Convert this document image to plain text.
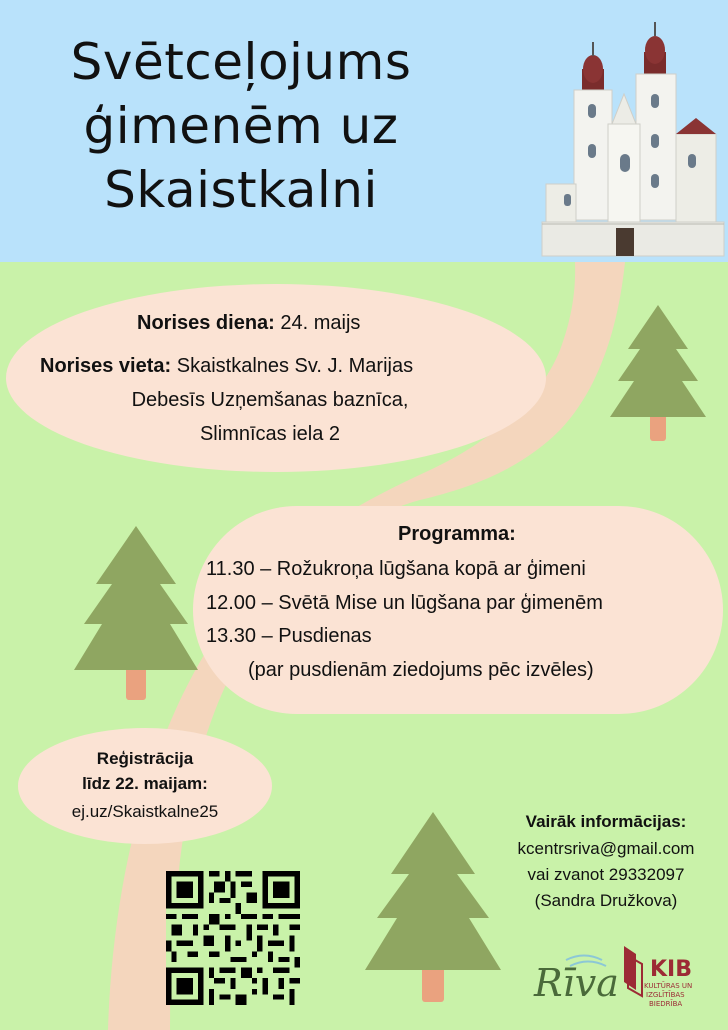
Svētceļojums
ģimenēm uz
Skaistkalni
Norises diena: 24. maijs
Norises vieta: Skaistkalnes Sv. J. Marijas
Debesīs Uzņemšanas baznīca,
Slimnīcas iela 2
Programma:
11.30 – Rožukroņa lūgšana kopā ar ģimeni
12.00 – Svētā Mise un lūgšana par ģimenēm
13.30 – Pusdienas
(par pusdienām ziedojums pēc izvēles)
Reģistrācija
līdz 22. maijam:
ej.uz/Skaistkalne25
Vairāk informācijas:
kcentrsriva@gmail.com
vai zvanot 29332097
(Sandra Družkova)
Rīva KIB
KULTŪRAS UN
IZGLĪTĪBAS
BIEDRĪBA
